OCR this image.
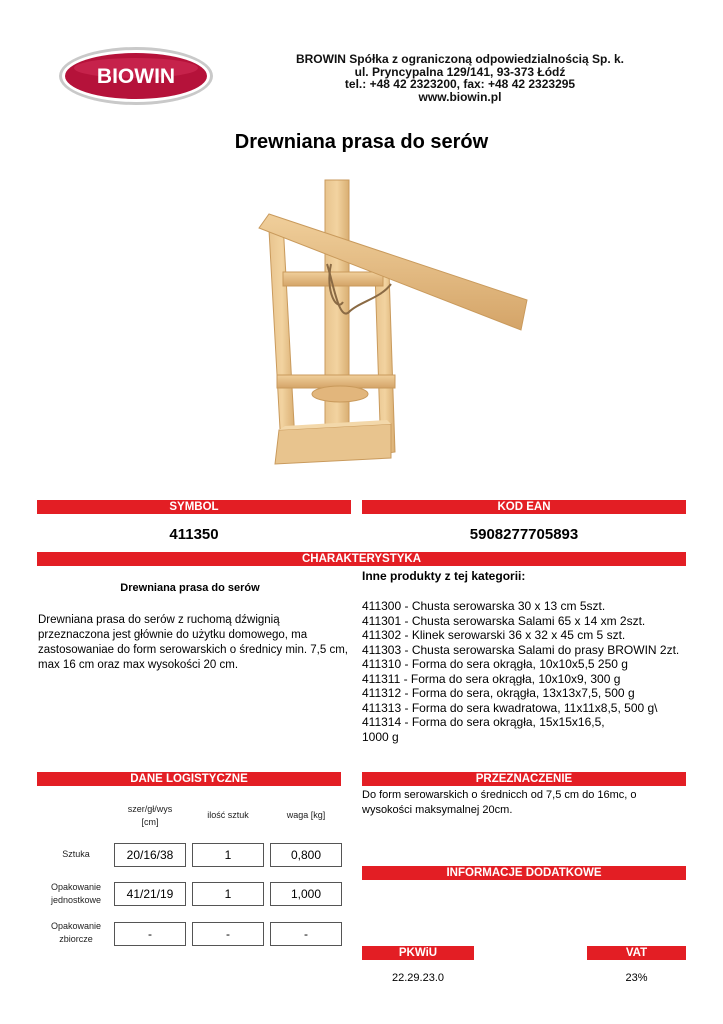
BIOWIN
BROWIN Spółka z ograniczoną odpowiedzialnością Sp. k.
ul. Pryncypalna 129/141, 93-373 Łódź
tel.: +48 42 2323200, fax: +48 42 2323295
www.biowin.pl
Drewniana prasa do serów
SYMBOL	KOD EAN
411350	5908277705893
CHARAKTERYSTYKA
Drewniana prasa do serów
Drewniana prasa do serów z ruchomą dźwignią przeznaczona jest głównie do użytku domowego, ma zastosowaniae do form serowarskich o średnicy min. 7,5 cm, max 16 cm oraz max wysokości 20 cm.
Inne produkty z tej kategorii:
411300 - Chusta serowarska 30 x 13 cm 5szt.
411301 - Chusta serowarska Salami 65 x 14 xm 2szt.
411302 - Klinek serowarski 36 x 32 x 45 cm 5 szt.
411303 - Chusta serowarska Salami do prasy BROWIN 2zt.
411310 - Forma do sera okrągła, 10x10x5,5 250 g
411311 - Forma do sera okrągła, 10x10x9, 300 g
411312 - Forma do sera, okrągła, 13x13x7,5, 500 g
411313 - Forma do sera kwadratowa, 11x11x8,5, 500 g\
411314 - Forma do sera okrągła, 15x15x16,5,
1000 g
DANE LOGISTYCZNE
szer/gł/wys
[cm]
ilość sztuk	waga [kg]
Sztuka	20/16/38	1	0,800
Opakowanie jednostkowe	41/21/19	1	1,000
Opakowanie zbiorcze	-	-	-
PRZEZNACZENIE
Do form serowarskich o średnicch od 7,5 cm do 16mc, o wysokości maksymalnej 20cm.
INFORMACJE DODATKOWE
PKWiU	VAT
22.29.23.0	23%
